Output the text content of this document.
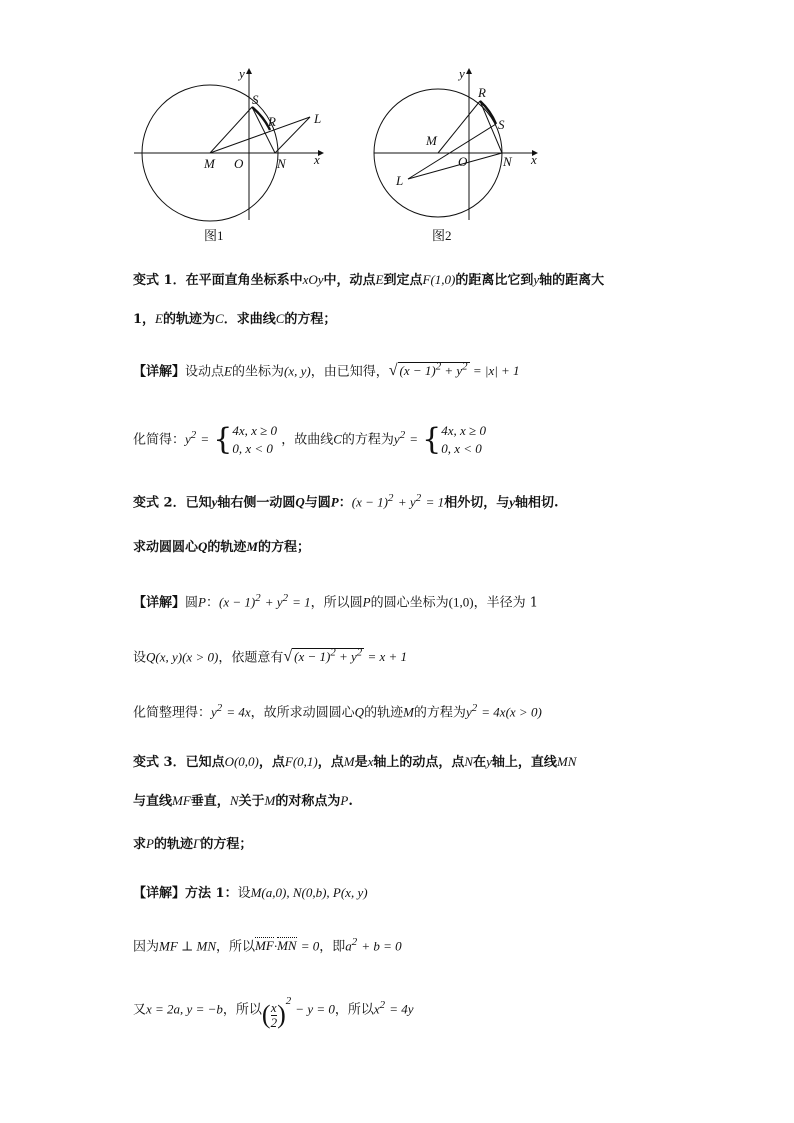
y
x
M O	N
S
R	L
图1
y
x
M
O	N
R
S
L
图2
变式 1．在平面直角坐标系中xOy中，动点E到定点F(1,0)的距离比它到y轴的距离大
1，E的轨迹为C．求曲线C的方程；
【详解】设动点E的坐标为(x, y)，由已知得，√ $(x - 1)^2 + y^2 = |x| + 1$
化简得：$y^2 = \{4x$, x ≥ 0
0, x < 0 ，故曲线C的方程为$y^2 = \{4x$, x ≥ 0
0, x < 0
变式 2．已知y轴右侧一动圆Q与圆P：$(x - 1)^2 + y^2 = 1$相外切，与y轴相切.
求动圆圆心Q的轨迹M的方程；
【详解】圆P：$(x - 1)^2 + y^2 = 1$，所以圆P的圆心坐标为(1,0)，半径为 1
设Q(x, y)(x > 0)，依题意有√ $(x - 1)^2 + y^2 = x + 1$
化简整理得：$y^2 = 4x$，故所求动圆圆心Q的轨迹M的方程为$y^2 = 4x(x > 0)$
变式 3．已知点O(0,0)，点F(0,1)，点M是x轴上的动点，点N在y轴上，直线MN
与直线MF垂直，N关于M的对称点为P.
求P的轨迹Γ的方程；
【详解】方法 1：设M(a,0), N(0,b), P(x, y)
因为MF ⊥ MN，所以MF·MN = 0，即$a^2 + b = 0$
又x = 2a, y = −b，所以( $\frac{x}{2} )^2 - y = 0$，所以$x^2 = 4y$
